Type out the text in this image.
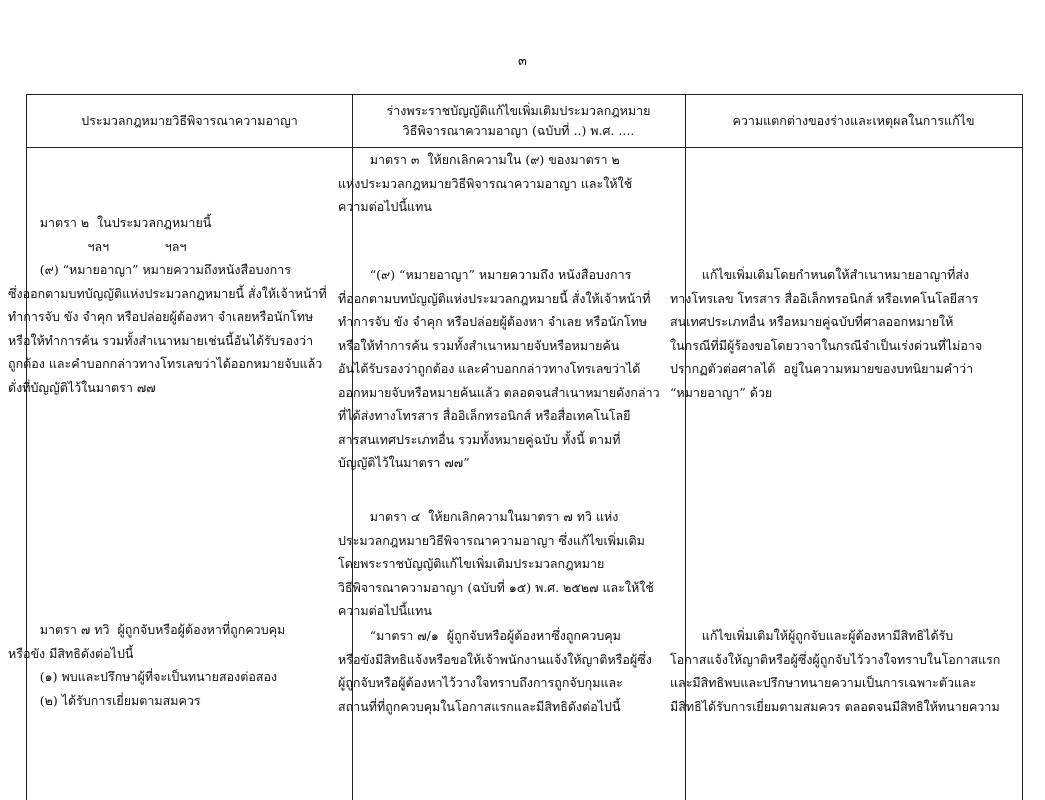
๓
ประมวลกฎหมายวิธีพิจารณาความอาญา
ร่างพระราชบัญญัติแก้ไขเพิ่มเติมประมวลกฎหมาย
วิธีพิจารณาความอาญา (ฉบับที่ ..) พ.ศ. ....
ความแตกต่างของร่างและเหตุผลในการแก้ไข
มาตรา ๒  ในประมวลกฎหมายนี้
ฯลฯ              ฯลฯ
(๙) “หมายอาญา” หมายความถึงหนังสือบงการ
ซึ่งออกตามบทบัญญัติแห่งประมวลกฎหมายนี้ สั่งให้เจ้าหน้าที่
ทำการจับ ขัง จำคุก หรือปล่อยผู้ต้องหา จำเลยหรือนักโทษ
หรือให้ทำการค้น รวมทั้งสำเนาหมายเช่นนี้อันได้รับรองว่า
ถูกต้อง และคำบอกกล่าวทางโทรเลขว่าได้ออกหมายจับแล้ว
ดั่งที่บัญญัติไว้ในมาตรา ๗๗
มาตรา ๗ ทวิ  ผู้ถูกจับหรือผู้ต้องหาที่ถูกควบคุม
หรือขัง มีสิทธิดังต่อไปนี้
(๑) พบและปรึกษาผู้ที่จะเป็นทนายสองต่อสอง
(๒) ได้รับการเยี่ยมตามสมควร
มาตรา ๓  ให้ยกเลิกความใน (๙) ของมาตรา ๒
แห่งประมวลกฎหมายวิธีพิจารณาความอาญา และให้ใช้
ความต่อไปนี้แทน
“(๙) “หมายอาญา” หมายความถึง หนังสือบงการ
ที่ออกตามบทบัญญัติแห่งประมวลกฎหมายนี้ สั่งให้เจ้าหน้าที่
ทำการจับ ขัง จำคุก หรือปล่อยผู้ต้องหา จำเลย หรือนักโทษ
หรือให้ทำการค้น รวมทั้งสำเนาหมายจับหรือหมายค้น
อันได้รับรองว่าถูกต้อง และคำบอกกล่าวทางโทรเลขว่าได้
ออกหมายจับหรือหมายค้นแล้ว ตลอดจนสำเนาหมายดังกล่าว
ที่ได้ส่งทางโทรสาร สื่ออิเล็กทรอนิกส์ หรือสื่อเทคโนโลยี
สารสนเทศประเภทอื่น รวมทั้งหมายคู่ฉบับ ทั้งนี้ ตามที่
บัญญัติไว้ในมาตรา ๗๗”
มาตรา ๔  ให้ยกเลิกความในมาตรา ๗ ทวิ แห่ง
ประมวลกฎหมายวิธีพิจารณาความอาญา ซึ่งแก้ไขเพิ่มเติม
โดยพระราชบัญญัติแก้ไขเพิ่มเติมประมวลกฎหมาย
วิธีพิจารณาความอาญา (ฉบับที่ ๑๕) พ.ศ. ๒๕๒๗ และให้ใช้
ความต่อไปนี้แทน
“มาตรา ๗/๑  ผู้ถูกจับหรือผู้ต้องหาซึ่งถูกควบคุม
หรือขังมีสิทธิแจ้งหรือขอให้เจ้าพนักงานแจ้งให้ญาติหรือผู้ซึ่ง
ผู้ถูกจับหรือผู้ต้องหาไว้วางใจทราบถึงการถูกจับกุมและ
สถานที่ที่ถูกควบคุมในโอกาสแรกและมีสิทธิดังต่อไปนี้
แก้ไขเพิ่มเติมโดยกำหนดให้สำเนาหมายอาญาที่ส่ง
ทางโทรเลข โทรสาร สื่ออิเล็กทรอนิกส์ หรือเทคโนโลยีสาร
สนเทศประเภทอื่น หรือหมายคู่ฉบับที่ศาลออกหมายให้
ในกรณีที่มีผู้ร้องขอโดยวาจาในกรณีจำเป็นเร่งด่วนที่ไม่อาจ
ปรากฏตัวต่อศาลได้  อยู่ในความหมายของบทนิยามคำว่า
“หมายอาญา” ด้วย
แก้ไขเพิ่มเติมให้ผู้ถูกจับและผู้ต้องหามีสิทธิได้รับ
โอกาสแจ้งให้ญาติหรือผู้ซึ่งผู้ถูกจับไว้วางใจทราบในโอกาสแรก
และมีสิทธิพบและปรึกษาทนายความเป็นการเฉพาะตัวและ
มีสิทธิได้รับการเยี่ยมตามสมควร ตลอดจนมีสิทธิให้ทนายความ
